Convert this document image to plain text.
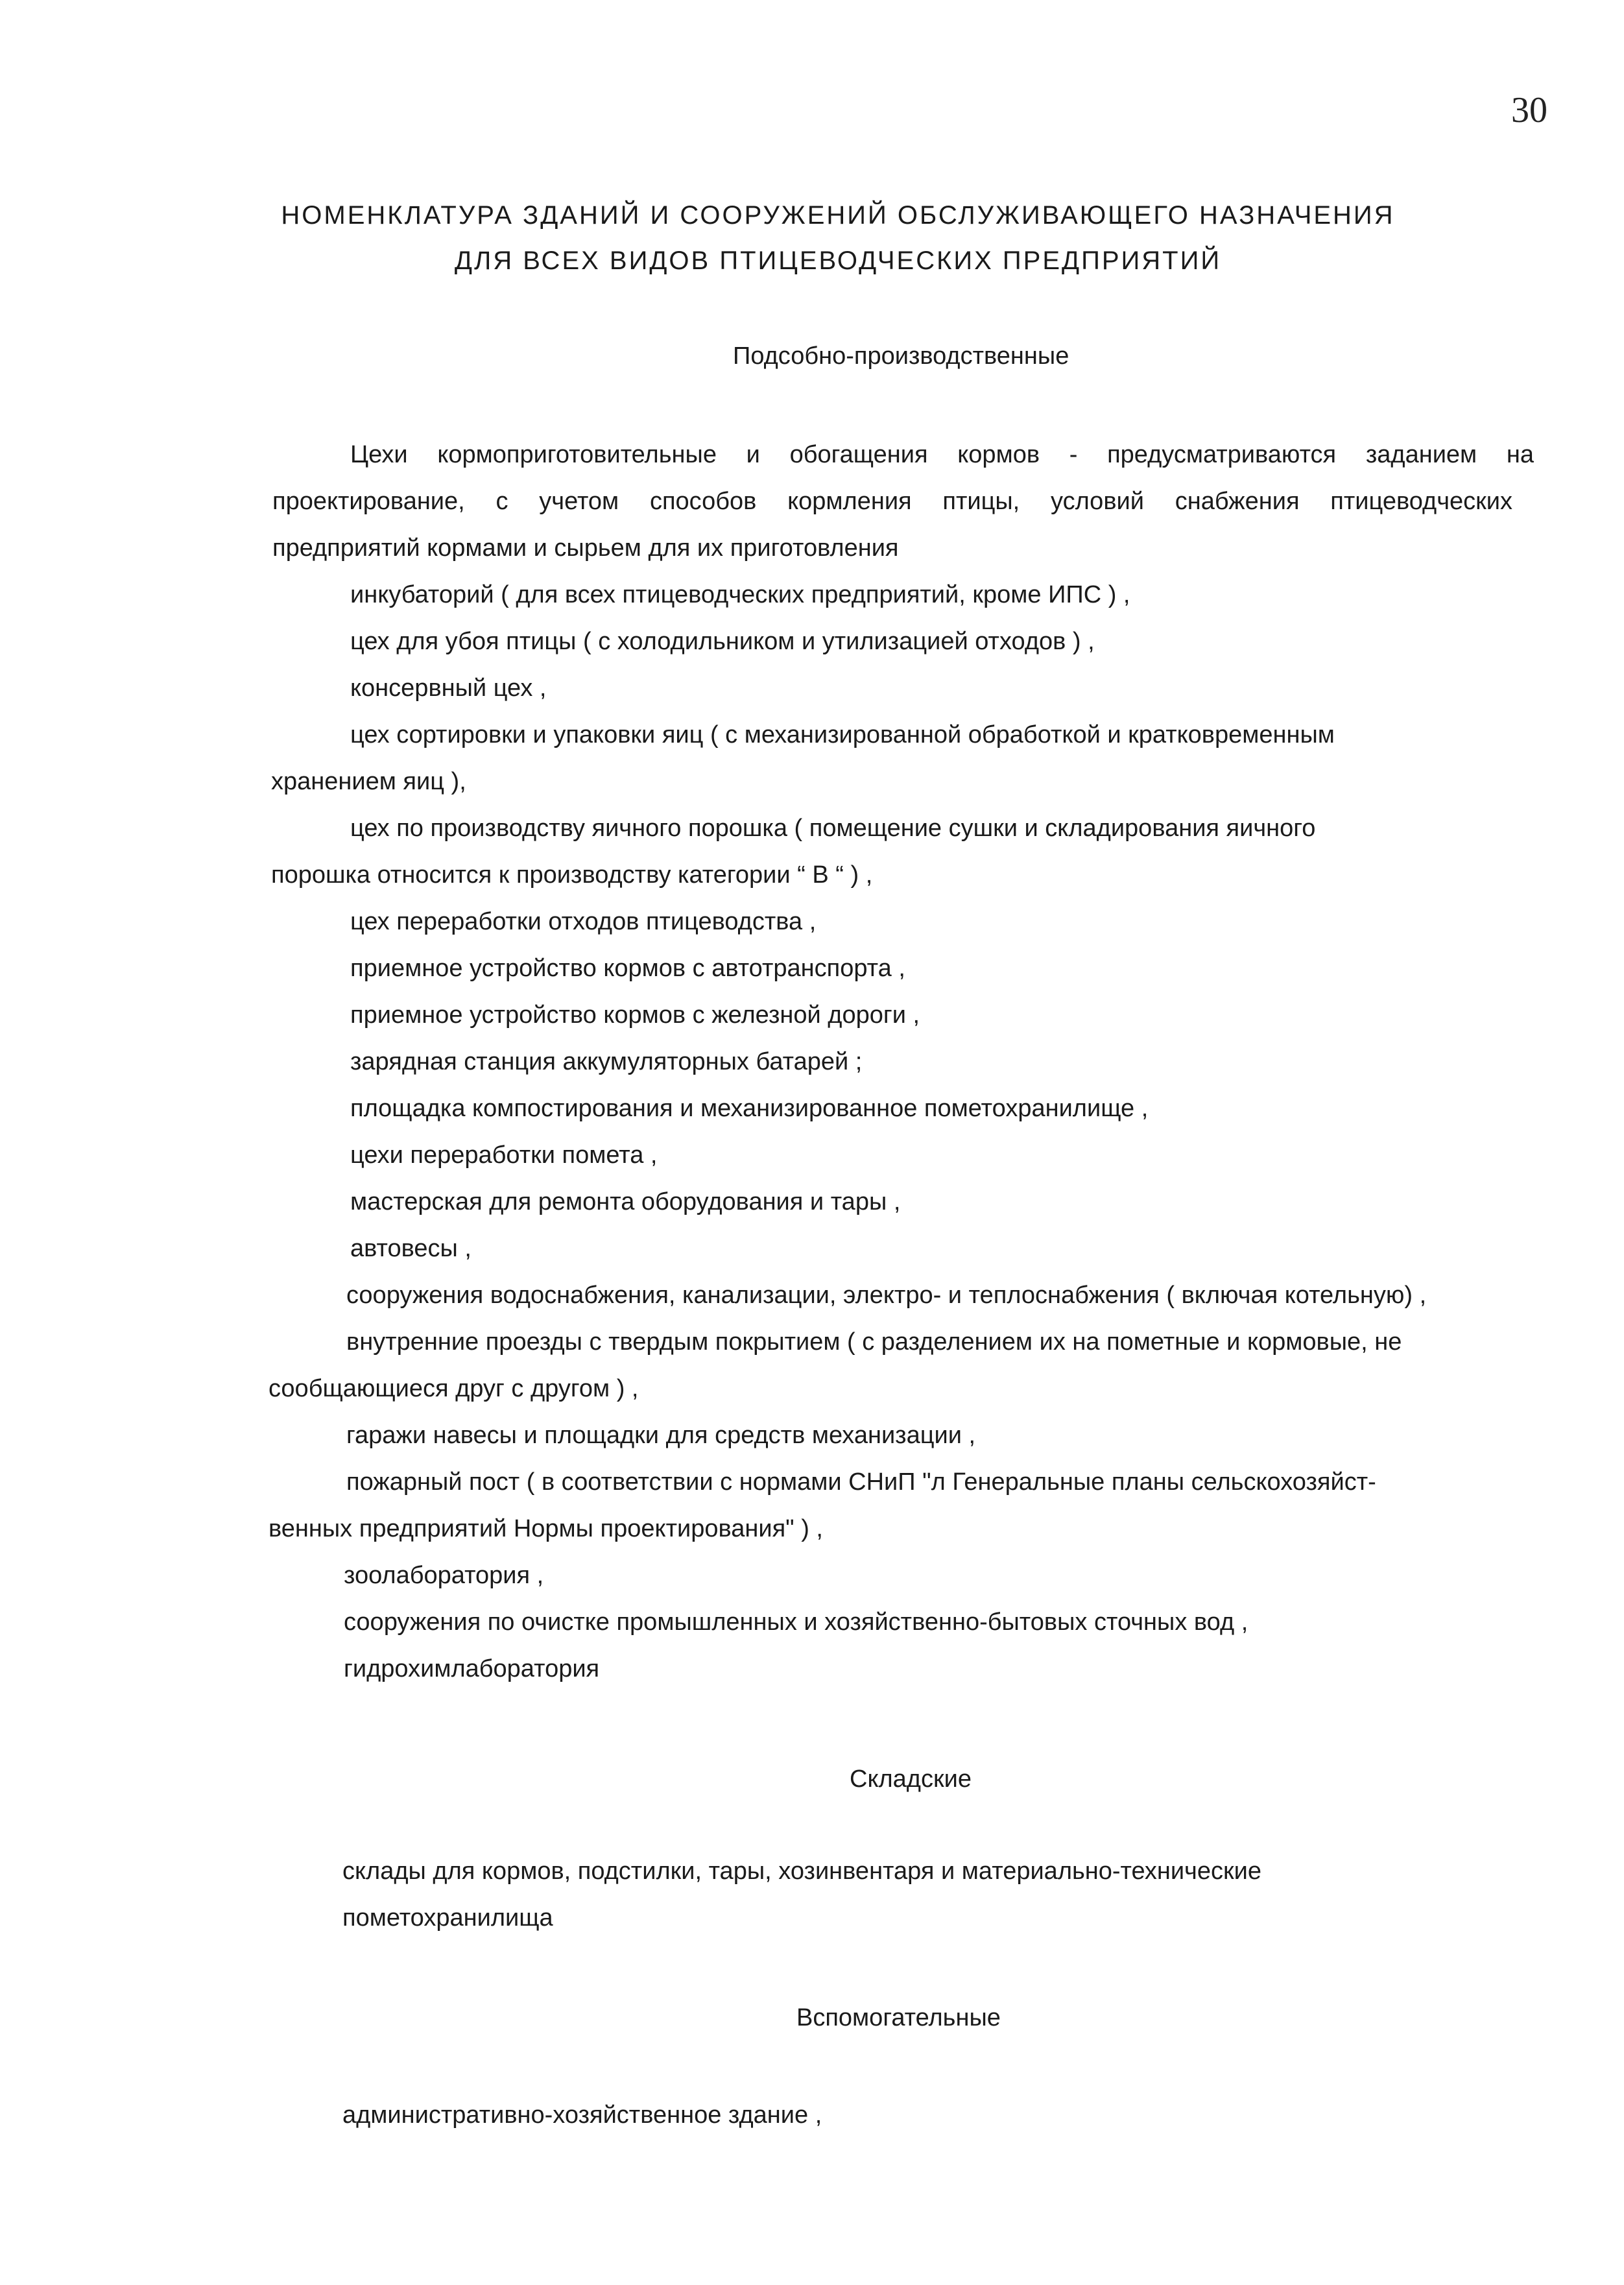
30
НОМЕНКЛАТУРА ЗДАНИЙ И СООРУЖЕНИЙ ОБСЛУЖИВАЮЩЕГО НАЗНАЧЕНИЯ
ДЛЯ ВСЕХ ВИДОВ ПТИЦЕВОДЧЕСКИХ ПРЕДПРИЯТИЙ
Подсобно-производственные
Цехи кормоприготовительные и обогащения кормов - предусматриваются заданием на
проектирование, с учетом способов кормления птицы, условий снабжения птицеводческих
предприятий кормами и сырьем для их приготовления
инкубаторий ( для всех птицеводческих предприятий, кроме ИПС ) ,
цех для убоя птицы ( с холодильником и утилизацией отходов ) ,
консервный цех ,
цех сортировки и упаковки яиц ( с механизированной обработкой и кратковременным
хранением яиц ),
цех по производству яичного порошка ( помещение сушки и складирования яичного
порошка относится к производству категории “ В “ ) ,
цех переработки отходов птицеводства ,
приемное устройство кормов с автотранспорта ,
приемное устройство кормов с железной дороги ,
зарядная станция аккумуляторных батарей ;
площадка компостирования и механизированное пометохранилище ,
цехи переработки помета ,
мастерская для ремонта оборудования и тары ,
автовесы ,
сооружения водоснабжения, канализации, электро- и теплоснабжения ( включая котельную) ,
внутренние проезды с твердым покрытием ( с разделением их на пометные и кормовые, не
сообщающиеся друг с другом ) ,
гаражи навесы и площадки для средств механизации ,
пожарный пост ( в соответствии с нормами СНиП "л Генеральные планы сельскохозяйст-
венных предприятий Нормы проектирования" ) ,
зоолаборатория ,
сооружения по очистке промышленных и хозяйственно-бытовых сточных вод ,
гидрохимлаборатория
Складские
склады для кормов, подстилки, тары, хозинвентаря и материально-технические
пометохранилища
Вспомогательные
административно-хозяйственное здание ,
